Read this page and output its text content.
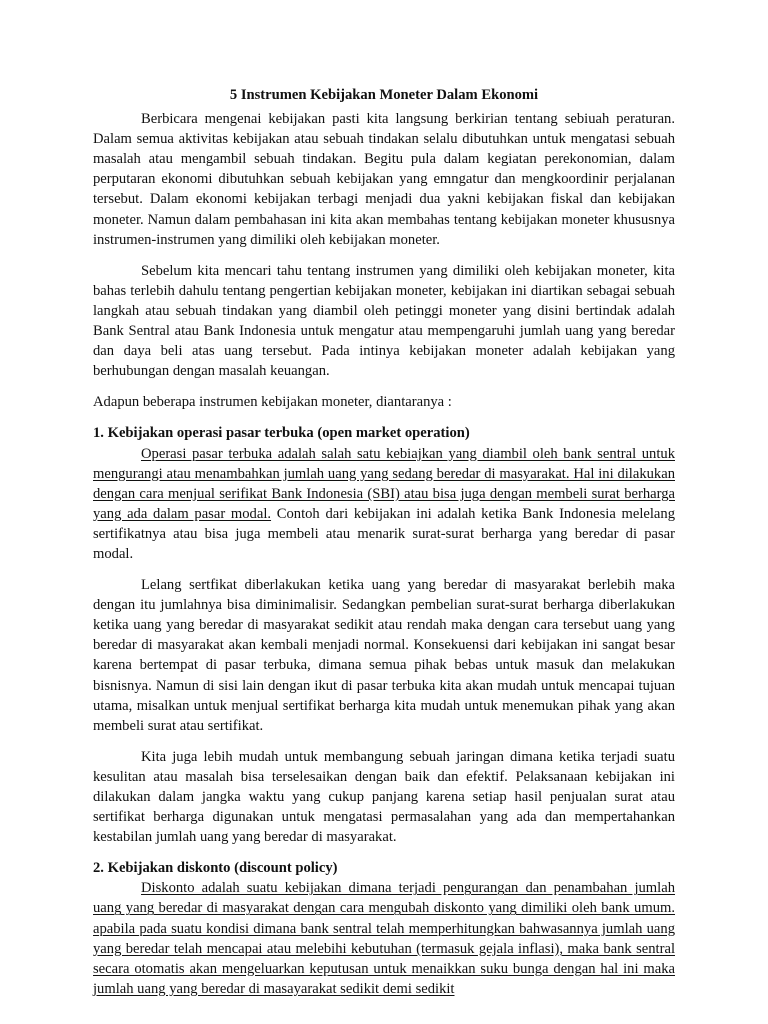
5 Instrumen Kebijakan Moneter Dalam Ekonomi

Berbicara mengenai kebijakan pasti kita langsung berkirian tentang sebiuah peraturan. Dalam semua aktivitas kebijakan atau sebuah tindakan selalu dibutuhkan untuk mengatasi sebuah masalah atau mengambil sebuah tindakan. Begitu pula dalam kegiatan perekonomian, dalam perputaran ekonomi dibutuhkan sebuah kebijakan yang emngatur dan mengkoordinir perjalanan tersebut. Dalam ekonomi kebijakan terbagi menjadi dua yakni kebijakan fiskal dan kebijakan moneter. Namun dalam pembahasan ini kita akan membahas tentang kebijakan moneter khususnya instrumen-instrumen yang dimiliki oleh kebijakan moneter.

Sebelum kita mencari tahu tentang instrumen yang dimiliki oleh kebijakan moneter, kita bahas terlebih dahulu tentang pengertian kebijakan moneter, kebijakan ini diartikan sebagai sebuah langkah atau sebuah tindakan yang diambil oleh petinggi moneter yang disini bertindak adalah Bank Sentral atau Bank Indonesia untuk mengatur atau mempengaruhi jumlah uang yang beredar dan daya beli atas uang tersebut. Pada intinya kebijakan moneter adalah kebijakan yang berhubungan dengan masalah keuangan.

Adapun beberapa instrumen kebijakan moneter, diantaranya :

1. Kebijakan operasi pasar terbuka (open market operation)

Operasi pasar terbuka adalah salah satu kebiajkan yang diambil oleh bank sentral untuk mengurangi atau menambahkan jumlah uang yang sedang beredar di masyarakat. Hal ini dilakukan dengan cara menjual serifikat Bank Indonesia (SBI) atau bisa juga dengan membeli surat berharga yang ada dalam pasar modal. Contoh dari kebijakan ini adalah ketika Bank Indonesia melelang sertifikatnya atau bisa juga membeli atau menarik surat-surat berharga yang beredar di pasar modal.

Lelang sertfikat diberlakukan ketika uang yang beredar di masyarakat berlebih maka dengan itu jumlahnya bisa diminimalisir. Sedangkan pembelian surat-surat berharga diberlakukan ketika uang yang beredar di masyarakat sedikit atau rendah maka dengan cara tersebut uang yang beredar di masyarakat akan kembali menjadi normal. Konsekuensi dari kebijakan ini sangat besar karena bertempat di pasar terbuka, dimana semua pihak bebas untuk masuk dan melakukan bisnisnya. Namun di sisi lain dengan ikut di pasar terbuka kita akan mudah untuk mencapai tujuan utama, misalkan untuk menjual sertifikat berharga kita mudah untuk menemukan pihak yang akan membeli surat atau sertifikat.

Kita juga lebih mudah untuk membangung sebuah jaringan dimana ketika terjadi suatu kesulitan atau masalah bisa terselesaikan dengan baik dan efektif. Pelaksanaan kebijakan ini dilakukan dalam jangka waktu yang cukup panjang karena setiap hasil penjualan surat atau sertifikat berharga digunakan untuk mengatasi permasalahan yang ada dan mempertahankan kestabilan jumlah uang yang beredar di masyarakat.

2. Kebijakan diskonto (discount policy)

Diskonto adalah suatu kebijakan dimana terjadi pengurangan dan penambahan jumlah uang yang beredar di masyarakat dengan cara mengubah diskonto yang dimiliki oleh bank umum. apabila pada suatu kondisi dimana bank sentral telah memperhitungkan bahwasannya jumlah uang yang beredar telah mencapai atau melebihi kebutuhan (termasuk gejala inflasi), maka bank sentral secara otomatis akan mengeluarkan keputusan untuk menaikkan suku bunga dengan hal ini maka jumlah uang yang beredar di masayarakat sedikit demi sedikit
